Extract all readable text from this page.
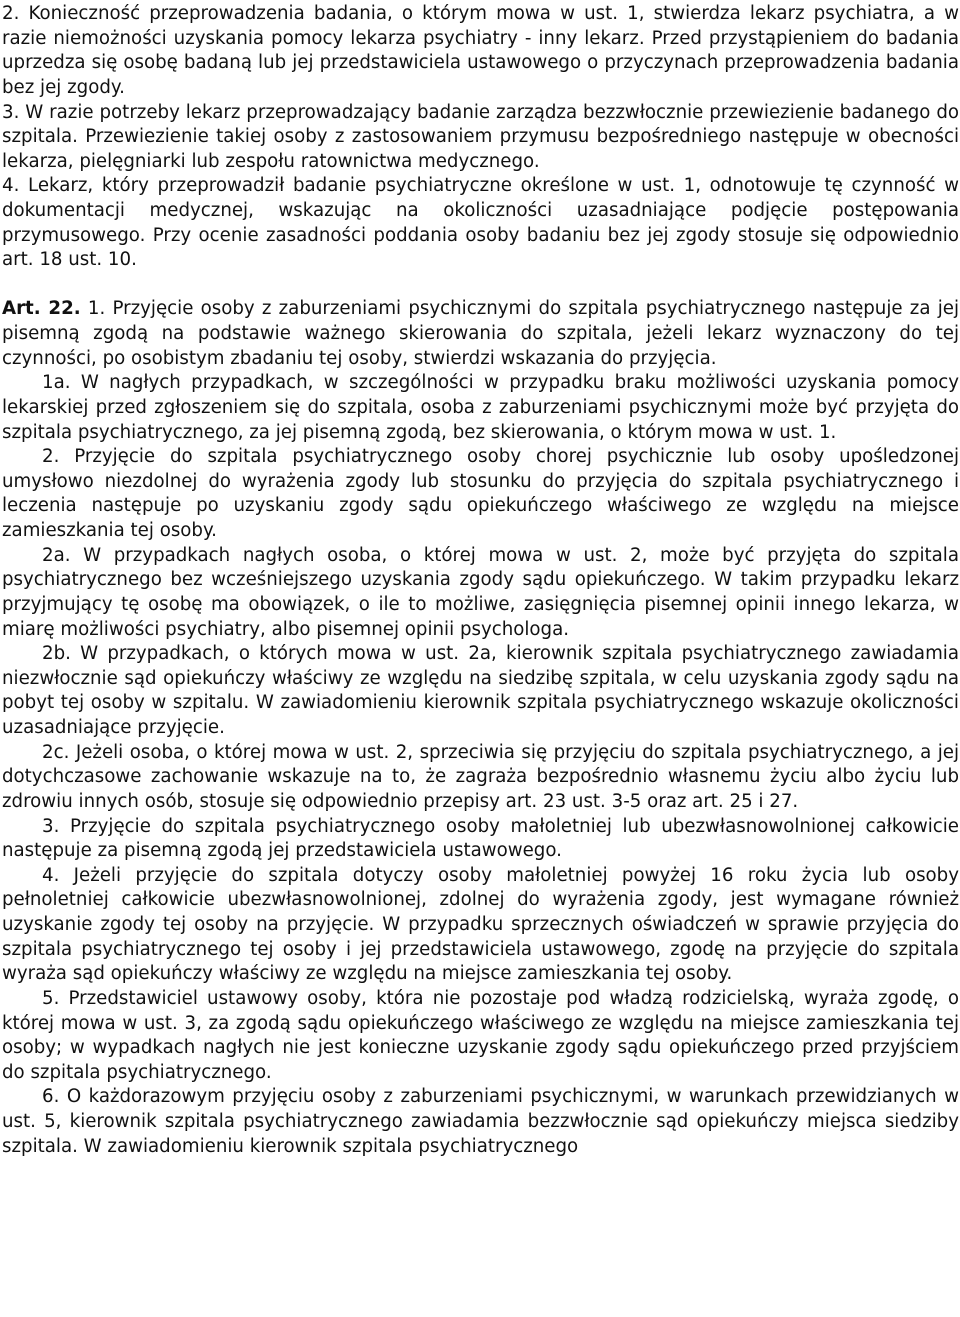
2. Konieczność przeprowadzenia badania, o którym mowa w ust. 1, stwierdza lekarz psychiatra, a w razie niemożności uzyskania pomocy lekarza psychiatry - inny lekarz. Przed przystąpieniem do badania uprzedza się osobę badaną lub jej przedstawiciela ustawowego o przyczynach przeprowadzenia badania bez jej zgody.

3. W razie potrzeby lekarz przeprowadzający badanie zarządza bezzwłocznie przewiezienie badanego do szpitala. Przewiezienie takiej osoby z zastosowaniem przymusu bezpośredniego następuje w obecności lekarza, pielęgniarki lub zespołu ratownictwa medycznego.

4. Lekarz, który przeprowadził badanie psychiatryczne określone w ust. 1, odnotowuje tę czynność w dokumentacji medycznej, wskazując na okoliczności uzasadniające podjęcie postępowania przymusowego. Przy ocenie zasadności poddania osoby badaniu bez jej zgody stosuje się odpowiednio art. 18 ust. 10.

Art. 22. 1. Przyjęcie osoby z zaburzeniami psychicznymi do szpitala psychiatrycznego następuje za jej pisemną zgodą na podstawie ważnego skierowania do szpitala, jeżeli lekarz wyznaczony do tej czynności, po osobistym zbadaniu tej osoby, stwierdzi wskazania do przyjęcia.

1a. W nagłych przypadkach, w szczególności w przypadku braku możliwości uzyskania pomocy lekarskiej przed zgłoszeniem się do szpitala, osoba z zaburzeniami psychicznymi może być przyjęta do szpitala psychiatrycznego, za jej pisemną zgodą, bez skierowania, o którym mowa w ust. 1.

2. Przyjęcie do szpitala psychiatrycznego osoby chorej psychicznie lub osoby upośledzonej umysłowo niezdolnej do wyrażenia zgody lub stosunku do przyjęcia do szpitala psychiatrycznego i leczenia następuje po uzyskaniu zgody sądu opiekuńczego właściwego ze względu na miejsce zamieszkania tej osoby.

2a. W przypadkach nagłych osoba, o której mowa w ust. 2, może być przyjęta do szpitala psychiatrycznego bez wcześniejszego uzyskania zgody sądu opiekuńczego. W takim przypadku lekarz przyjmujący tę osobę ma obowiązek, o ile to możliwe, zasięgnięcia pisemnej opinii innego lekarza, w miarę możliwości psychiatry, albo pisemnej opinii psychologa.

2b. W przypadkach, o których mowa w ust. 2a, kierownik szpitala psychiatrycznego zawiadamia niezwłocznie sąd opiekuńczy właściwy ze względu na siedzibę szpitala, w celu uzyskania zgody sądu na pobyt tej osoby w szpitalu. W zawiadomieniu kierownik szpitala psychiatrycznego wskazuje okoliczności uzasadniające przyjęcie.

2c. Jeżeli osoba, o której mowa w ust. 2, sprzeciwia się przyjęciu do szpitala psychiatrycznego, a jej dotychczasowe zachowanie wskazuje na to, że zagraża bezpośrednio własnemu życiu albo życiu lub zdrowiu innych osób, stosuje się odpowiednio przepisy art. 23 ust. 3-5 oraz art. 25 i 27.

3. Przyjęcie do szpitala psychiatrycznego osoby małoletniej lub ubezwłasnowolnionej całkowicie następuje za pisemną zgodą jej przedstawiciela ustawowego.

4. Jeżeli przyjęcie do szpitala dotyczy osoby małoletniej powyżej 16 roku życia lub osoby pełnoletniej całkowicie ubezwłasnowolnionej, zdolnej do wyrażenia zgody, jest wymagane również uzyskanie zgody tej osoby na przyjęcie. W przypadku sprzecznych oświadczeń w sprawie przyjęcia do szpitala psychiatrycznego tej osoby i jej przedstawiciela ustawowego, zgodę na przyjęcie do szpitala wyraża sąd opiekuńczy właściwy ze względu na miejsce zamieszkania tej osoby.

5. Przedstawiciel ustawowy osoby, która nie pozostaje pod władzą rodzicielską, wyraża zgodę, o której mowa w ust. 3, za zgodą sądu opiekuńczego właściwego ze względu na miejsce zamieszkania tej osoby; w wypadkach nagłych nie jest konieczne uzyskanie zgody sądu opiekuńczego przed przyjściem do szpitala psychiatrycznego.

6. O każdorazowym przyjęciu osoby z zaburzeniami psychicznymi, w warunkach przewidzianych w ust. 5, kierownik szpitala psychiatrycznego zawiadamia bezzwłocznie sąd opiekuńczy miejsca siedziby szpitala. W zawiadomieniu kierownik szpitala psychiatrycznego
